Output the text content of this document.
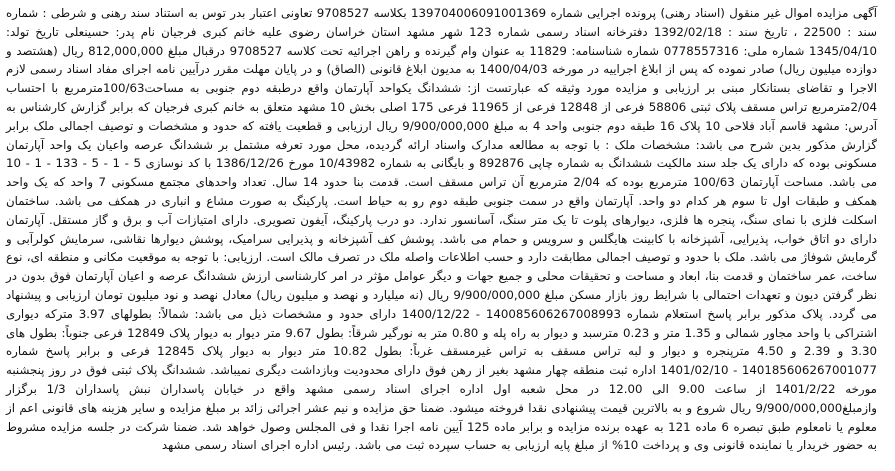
آگهی مزایده اموال غیر منقول (اسناد رهنی) پرونده اجرایی شماره 139704006091001369 بکلاسه 9708527 تعاونی اعتبار بدر توس به استناد سند رهنی و شرطی : شماره سند : 22500 ، تاریخ سند : 1392/02/18 دفترخانه اسناد رسمی شماره 123 شهر مشهد استان خراسان رضوی علیه خانم کبری فرجیان نام پدر: حسینعلی تاریخ تولد: 1345/04/10 شماره ملی: 0778557316 شماره شناسنامه: 11829 به عنوان وام گیرنده و راهن اجرائیه تحت کلاسه 9708527 درقبال مبلغ 812,000,000 ریال (هشتصد و دوازده میلیون ریال) صادر نموده که پس از ابلاغ اجراییه در مورخه 1400/04/03 به مدیون ابلاغ قانونی (الصاق) و در پایان مهلت مقرر درآیین نامه اجرای مفاد اسناد رسمی لازم الاجرا و تقاضای بستانکار مبنی بر ارزیابی و مزایده مورد وثیقه که عبارتست از: ششدانگ یکواحد آپارتمان واقع درطبقه دوم جنوبی به مساحت100/63مترمربع با احتساب 2/04مترمربع تراس مسقف پلاک ثبتی 58806 فرعی از 12848 فرعی از 11965 فرعی 175 اصلی بخش 10 مشهد متعلق به خانم کبری فرجیان که برابر گزارش کارشناس به آدرس: مشهد قاسم آباد فلاحی 10 پلاک 16 طبقه دوم جنوبی واحد 4 به مبلغ 9/900/000,000 ریال ارزیابی و قطعیت یافته که حدود و مشخصات و توصیف اجمالی ملک برابر گزارش مذکور بدین شرح می باشد: مشخصات ملک : با توجه به مطالعه مدارک واسناد ارائه گردیده، محل مورد تعرفه مشتمل بر ششدانگ عرصه واعیان یک واحد آپارتمان مسکونی بوده که دارای یک جلد سند مالکیت ششدانگ به شماره چاپی 892876 و بایگانی به شماره 10/43982 مورخ 1386/12/26 با کد نوسازی 5 - 1 - 5 - 133 - 1 - 10 می باشد. مساحت آپارتمان 100/63 مترمربع بوده که 2/04 مترمربع آن تراس مسقف است. قدمت بنا حدود 14 سال. تعداد واحدهای مجتمع مسکونی 7 واحد که یک واحد همکف و طبقات اول تا سوم هر کدام دو واحد. آپارتمان واقع در سمت جنوبی طبقه دوم رو به حیاط است. پارکینگ به صورت مشاع و انباری در همکف می باشد. ساختمان اسکلت فلزی با نمای سنگ، پنجره ها فلزی، دیوارهای پلوت تا یک متر سنگ، آسانسور ندارد. دو درب پارکینگ، آیفون تصویری. دارای امتیازات آب و برق و گاز مستقل. آپارتمان دارای دو اتاق خواب، پذیرایی، آشپزخانه با کابینت هایگلس و سرویس و حمام می باشد. پوشش کف آشپزخانه و پذیرایی سرامیک، پوشش دیوارها نقاشی، سرمایش کولرآبی و گرمایش شوفاژ می باشد. ملک با حدود و توصیف اجمالی مطابقت دارد و حسب اطلاعات واصله ملک در تصرف مالک است. ارزیابی: با توجه به موقعیت مکانی و منطقه ای، نوع ساخت، عمر ساختمان و قدمت بنا، ابعاد و مساحت و تحقیقات محلی و جمیع جهات و دیگر عوامل مؤثر در امر کارشناسی ارزش ششدانگ عرصه و اعیان آپارتمان فوق بدون در نظر گرفتن دیون و تعهدات احتمالی با شرایط روز بازار مسکن مبلغ 9/900/000,000 ریال (نه میلیارد و نهصد و میلیون ریال) معادل نهصد و نود میلیون تومان ارزیابی و پیشنهاد می گردد. پلاک مذکور برابر پاسخ استعلام شماره 140085606267008993 - 1400/12/22 دارای حدود و مشخصات ذیل می باشد: شمالاً: بطولهای 3.97 مترکه دیواری اشتراکی با واحد مجاور شمالی و 1.35 متر و 0.23 مترسبد و دیوار به راه پله و 0.80 متر به نورگیر شرقاً: بطول 9.67 متر دیوار به دیوار پلاک 12849 فرعی جنوباً: بطول های 3.30 و 2.39 و 4.50 مترپنجره و دیوار و لبه تراس مسقف به تراس غیرمسقف غرباً: بطول 10.82 متر دیوار به دیوار پلاک 12845 فرعی و برابر پاسخ شماره 140185606267001077 - 1401/02/10 اداره ثبت منطقه چهار مشهد بغیر از رهن فوق دارای محدودیت وبازداشت دیگری نمیباشد. ششدانگ پلاک ثبتی فوق در روز پنجشنبه مورخه 1401/2/22 از ساعت 9.00 الی 12.00 در محل شعبه اول اداره اجرای اسناد رسمی مشهد واقع در خیابان پاسداران نبش پاسداران 1/3 برگزار وازمبلغ9/900/000,000 ریال شروع و به بالاترین قیمت پیشنهادی نقدا فروخته میشود. ضمنا حق مزایده و نیم عشر اجرائی زائد بر مبلغ مزایده و سایر هزینه های قانونی اعم از معلوم یا نامعلوم طبق تبصره 6 ماده 121 به عهده برنده مزایده و برابر ماده 125 آیین نامه اجرا نقدا و فی المجلس وصول خواهد شد. ضمنا شرکت در جلسه مزایده مشروط به حضور خریدار یا نماینده قانونی وی و پرداخت 10% از مبلغ پایه ارزیابی به حساب سپرده ثبت می باشد. رئیس اداره اجرای اسناد رسمی مشهد
